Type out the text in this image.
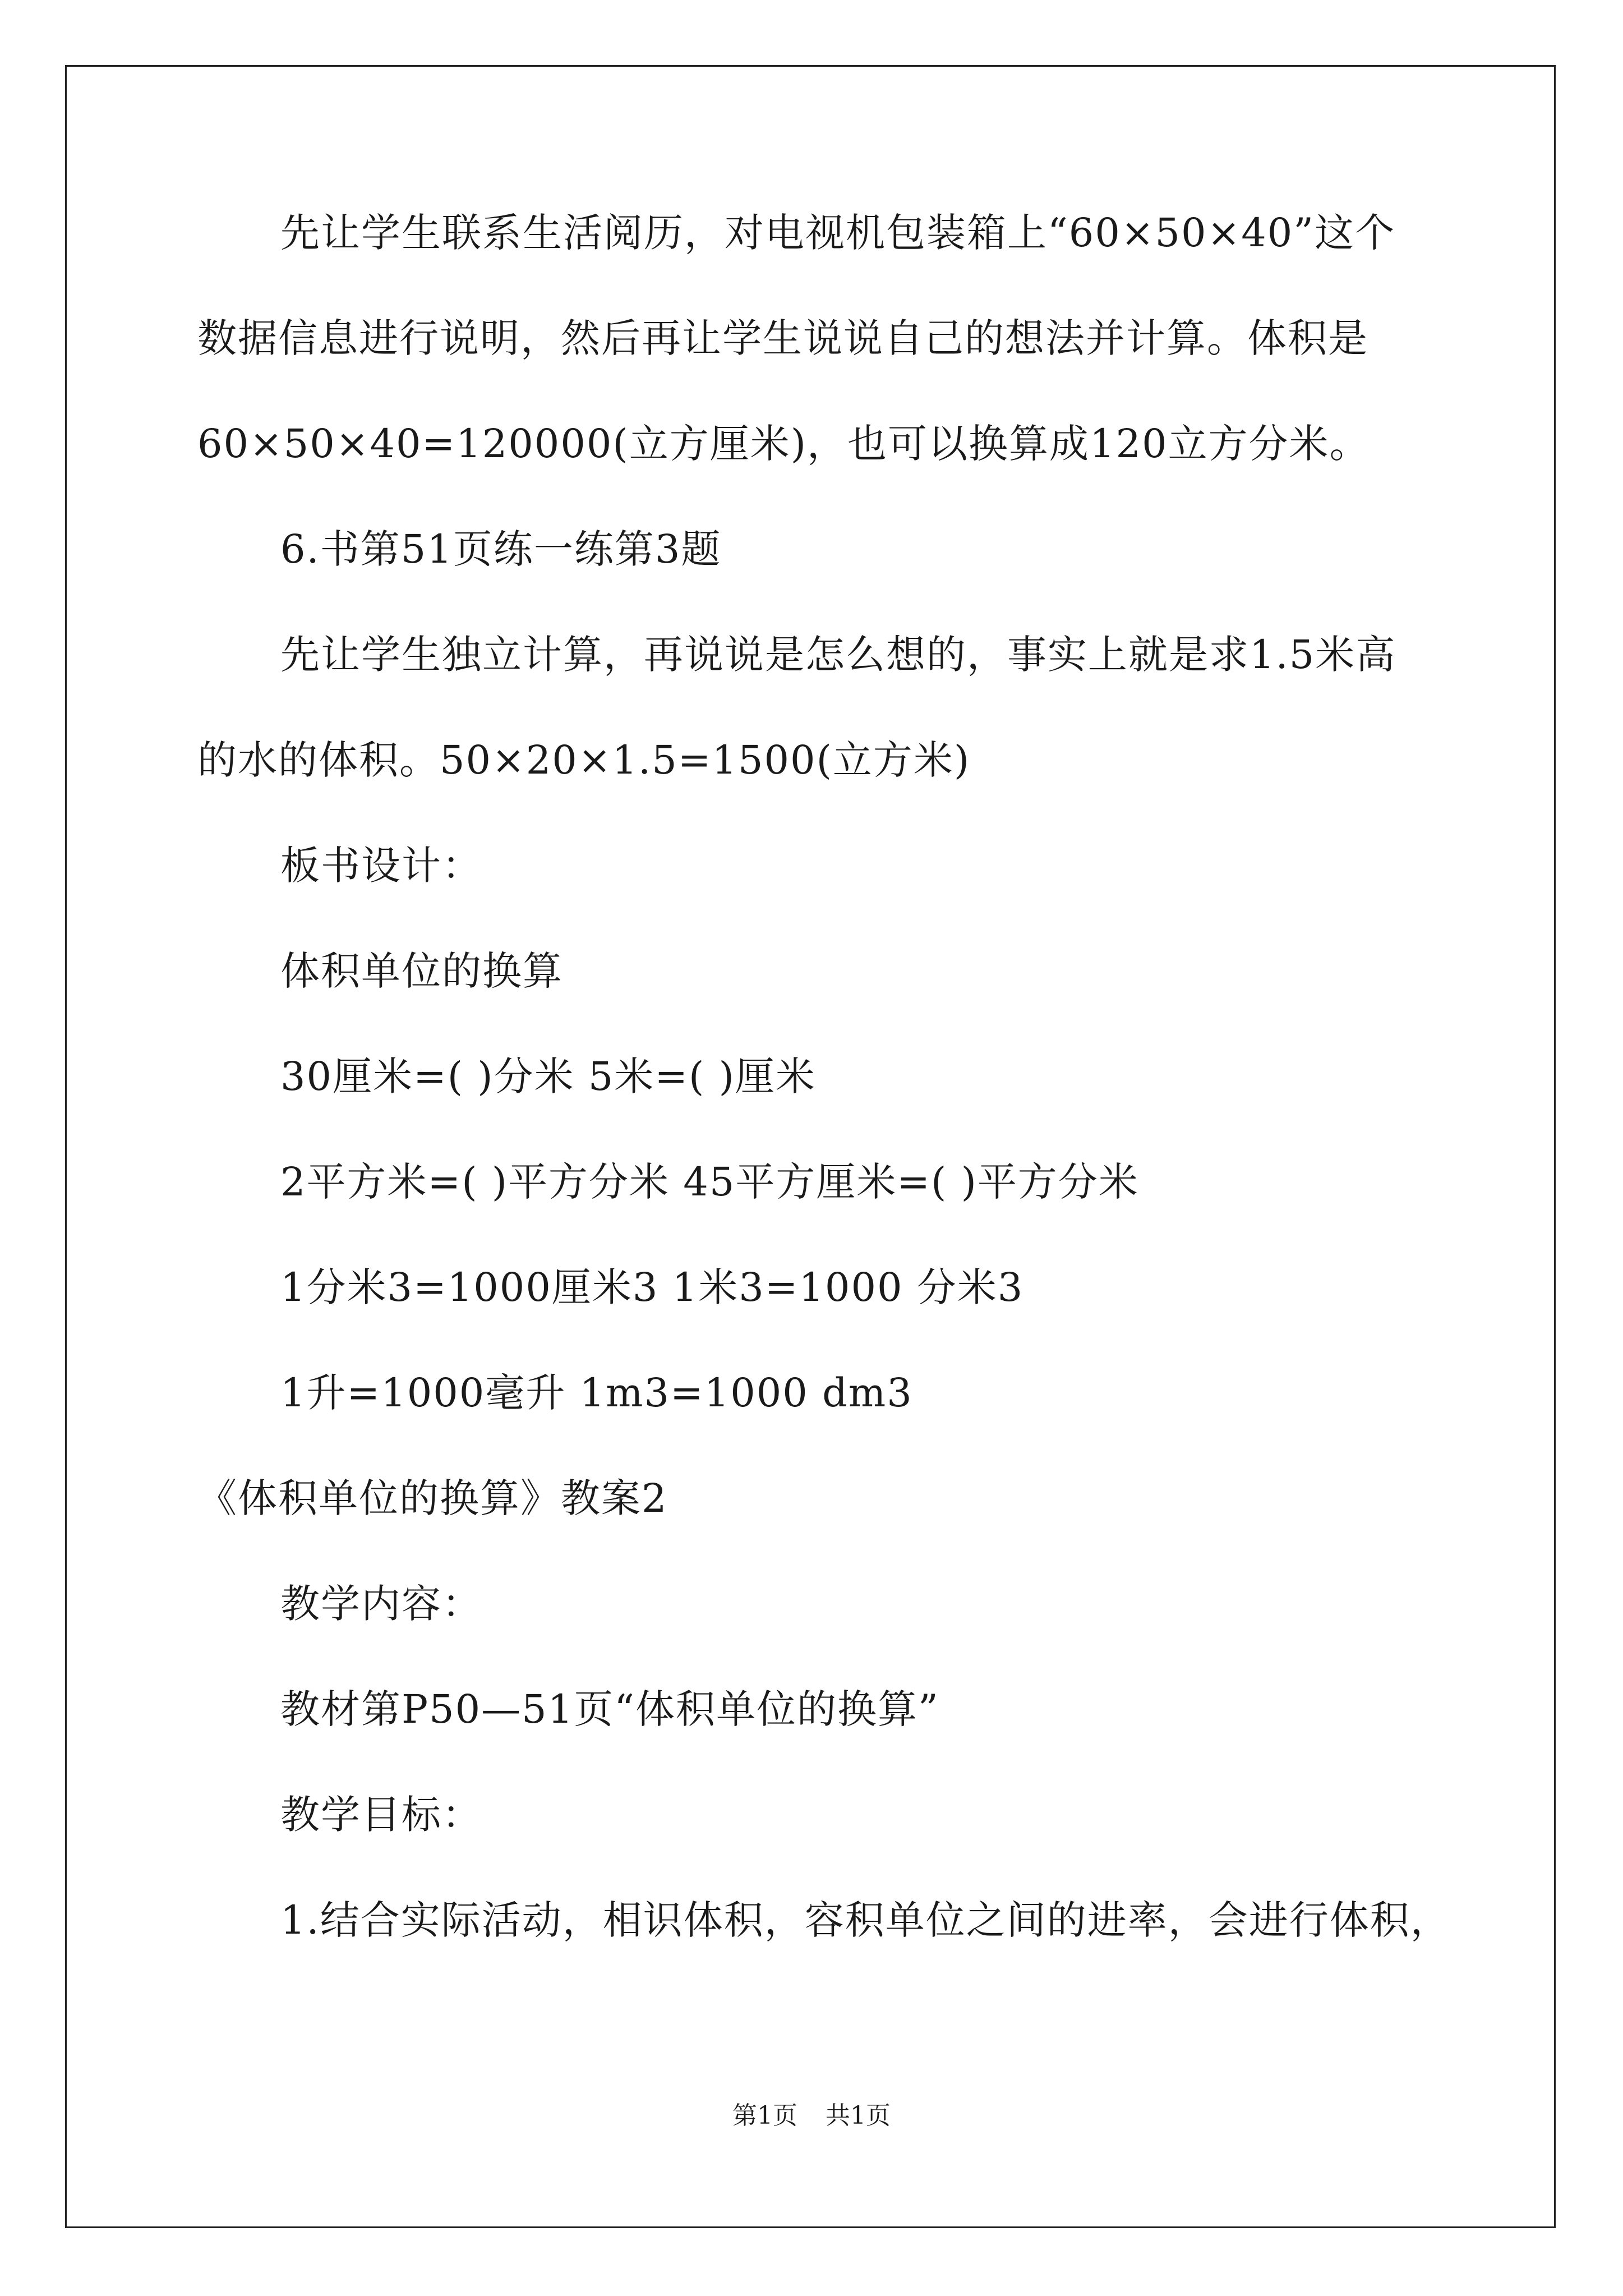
先让学生联系生活阅历，对电视机包装箱上“60×50×40”这个
数据信息进行说明，然后再让学生说说自己的想法并计算。体积是
60×50×40=120000(立方厘米)，也可以换算成120立方分米。
6.书第51页练一练第3题
先让学生独立计算，再说说是怎么想的，事实上就是求1.5米高
的水的体积。50×20×1.5=1500(立方米)
板书设计：
体积单位的换算
30厘米=( )分米 5米=( )厘米
2平方米=( )平方分米 45平方厘米=( )平方分米
1分米3=1000厘米3 1米3=1000 分米3
1升=1000毫升 1m3=1000 dm3
《体积单位的换算》教案2
教学内容：
教材第P50—51页“体积单位的换算”
教学目标：
1.结合实际活动，相识体积，容积单位之间的进率，会进行体积，
第1页 共1页
